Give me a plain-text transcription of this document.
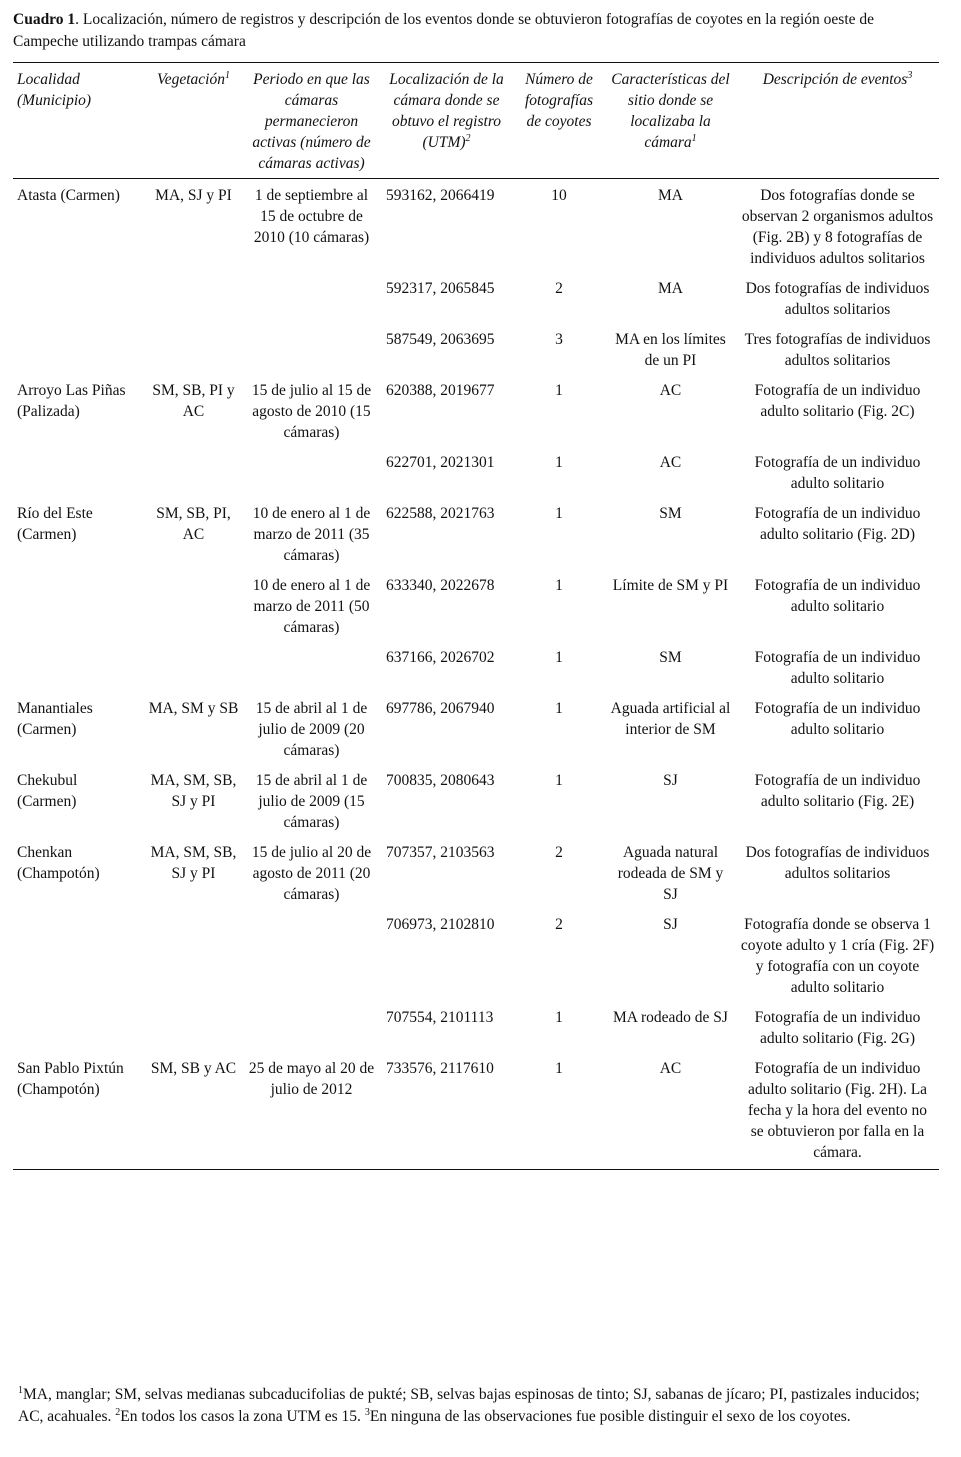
Cuadro 1. Localización, número de registros y descripción de los eventos donde se obtuvieron fotografías de coyotes en la región oeste de Campeche utilizando trampas cámara
Localidad (Municipio)	Vegetación$^1$	Periodo en que las cámaras permanecieron activas (número de cámaras activas)	Localización de la cámara donde se obtuvo el registro (UTM)$^2$	Número de fotografías de coyotes	Características del sitio donde se localizaba la cámara$^1$	Descripción de eventos$^3$
Atasta (Carmen)	MA, SJ y PI	1 de septiembre al 15 de octubre de 2010 (10 cámaras)	593162, 2066419	10	MA	Dos fotografías donde se observan 2 organismos adultos (Fig. 2B) y 8 fotografías de individuos adultos solitarios
			592317, 2065845	2	MA	Dos fotografías de individuos adultos solitarios
			587549, 2063695	3	MA en los límites de un PI	Tres fotografías de individuos adultos solitarios
Arroyo Las Piñas (Palizada)	SM, SB, PI y AC	15 de julio al 15 de agosto de 2010 (15 cámaras)	620388, 2019677	1	AC	Fotografía de un individuo adulto solitario (Fig. 2C)
			622701, 2021301	1	AC	Fotografía de un individuo adulto solitario
Río del Este (Carmen)	SM, SB, PI, AC	10 de enero al 1 de marzo de 2011 (35 cámaras)	622588, 2021763	1	SM	Fotografía de un individuo adulto solitario (Fig. 2D)
		10 de enero al 1 de marzo de 2011 (50 cámaras)	633340, 2022678	1	Límite de SM y PI	Fotografía de un individuo adulto solitario
			637166, 2026702	1	SM	Fotografía de un individuo adulto solitario
Manantiales (Carmen)	MA, SM y SB	15 de abril al 1 de julio de 2009 (20 cámaras)	697786, 2067940	1	Aguada artificial al interior de SM	Fotografía de un individuo adulto solitario
Chekubul (Carmen)	MA, SM, SB, SJ y PI	15 de abril al 1 de julio de 2009 (15 cámaras)	700835, 2080643	1	SJ	Fotografía de un individuo adulto solitario (Fig. 2E)
Chenkan (Champotón)	MA, SM, SB, SJ y PI	15 de julio al 20 de agosto de 2011 (20 cámaras)	707357, 2103563	2	Aguada natural rodeada de SM y SJ	Dos fotografías de individuos adultos solitarios
			706973, 2102810	2	SJ	Fotografía donde se observa 1 coyote adulto y 1 cría (Fig. 2F) y fotografía con un coyote adulto solitario
			707554, 2101113	1	MA rodeado de SJ	Fotografía de un individuo adulto solitario (Fig. 2G)
San Pablo Pixtún (Champotón)	SM, SB y AC	25 de mayo al 20 de julio de 2012	733576, 2117610	1	AC	Fotografía de un individuo adulto solitario (Fig. 2H). La fecha y la hora del evento no se obtuvieron por falla en la cámara.
$^1$MA, manglar; SM, selvas medianas subcaducifolias de pukté; SB, selvas bajas espinosas de tinto; SJ, sabanas de jícaro; PI, pastizales inducidos; AC, acahuales. $^2$En todos los casos la zona UTM es 15. $^3$En ninguna de las observaciones fue posible distinguir el sexo de los coyotes.
